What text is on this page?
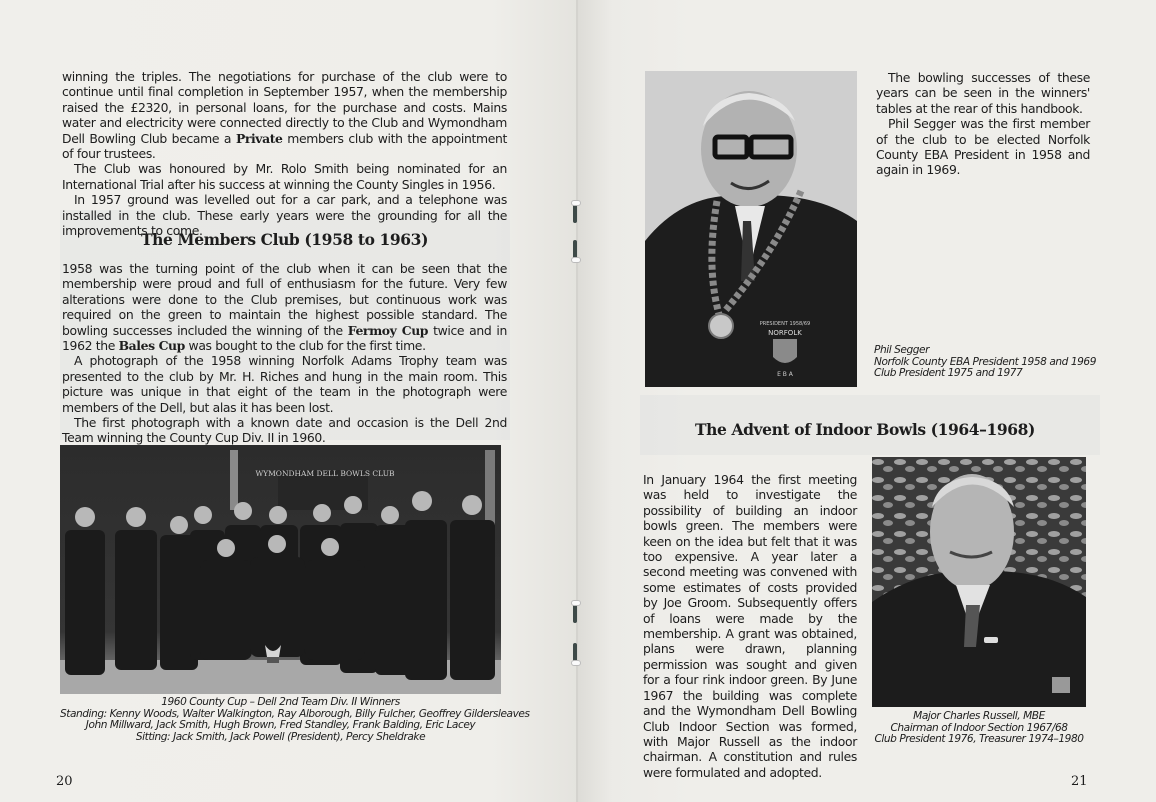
winning the triples. The negotiations for purchase of the club were to continue until final completion in September 1957, when the membership raised the £2320, in personal loans, for the purchase and costs. Mains water and electricity were connected directly to the Club and Wymondham Dell Bowling Club became a Private members club with the appointment of four trustees.

The Club was honoured by Mr. Rolo Smith being nominated for an International Trial after his success at winning the County Singles in 1956.

In 1957 ground was levelled out for a car park, and a telephone was installed in the club. These early years were the grounding for all the improvements to come.

The Members Club (1958 to 1963)

1958 was the turning point of the club when it can be seen that the membership were proud and full of enthusiasm for the future. Very few alterations were done to the Club premises, but continuous work was required on the green to maintain the highest possible standard. The bowling successes included the winning of the Fermoy Cup twice and in 1962 the Bales Cup was bought to the club for the first time.

A photograph of the 1958 winning Norfolk Adams Trophy team was presented to the club by Mr. H. Riches and hung in the main room. This picture was unique in that eight of the team in the photograph were members of the Dell, but alas it has been lost.

The first photograph with a known date and occasion is the Dell 2nd Team winning the County Cup Div. II in 1960.

WYMONDHAM DELL BOWLS CLUB
1960 County Cup – Dell 2nd Team Div. II Winners
Standing: Kenny Woods, Walter Walkington, Ray Alborough, Billy Fulcher, Geoffrey Gildersleaves
John Millward, Jack Smith, Hugh Brown, Fred Standley, Frank Balding, Eric Lacey
Sitting: Jack Smith, Jack Powell (President), Percy Sheldrake
20
PRESIDENT 1958/69
NORFOLK
E B A

The bowling successes of these years can be seen in the winners' tables at the rear of this handbook.

Phil Segger was the first member of the club to be elected Norfolk County EBA President in 1958 and again in 1969.

Phil Segger
Norfolk County EBA President 1958 and 1969
Club President 1975 and 1977
The Advent of Indoor Bowls (1964–1968)

In January 1964 the first meeting was held to investigate the possibility of building an indoor bowls green. The members were keen on the idea but felt that it was too expensive. A year later a second meeting was convened with some estimates of costs provided by Joe Groom. Subsequently offers of loans were made by the membership. A grant was obtained, plans were drawn, planning permission was sought and given for a four rink indoor green. By June 1967 the building was complete and the Wymondham Dell Bowling Club Indoor Section was formed, with Major Russell as the indoor chairman. A constitution and rules were formulated and adopted.

Major Charles Russell, MBE
Chairman of Indoor Section 1967/68
Club President 1976, Treasurer 1974–1980
21
